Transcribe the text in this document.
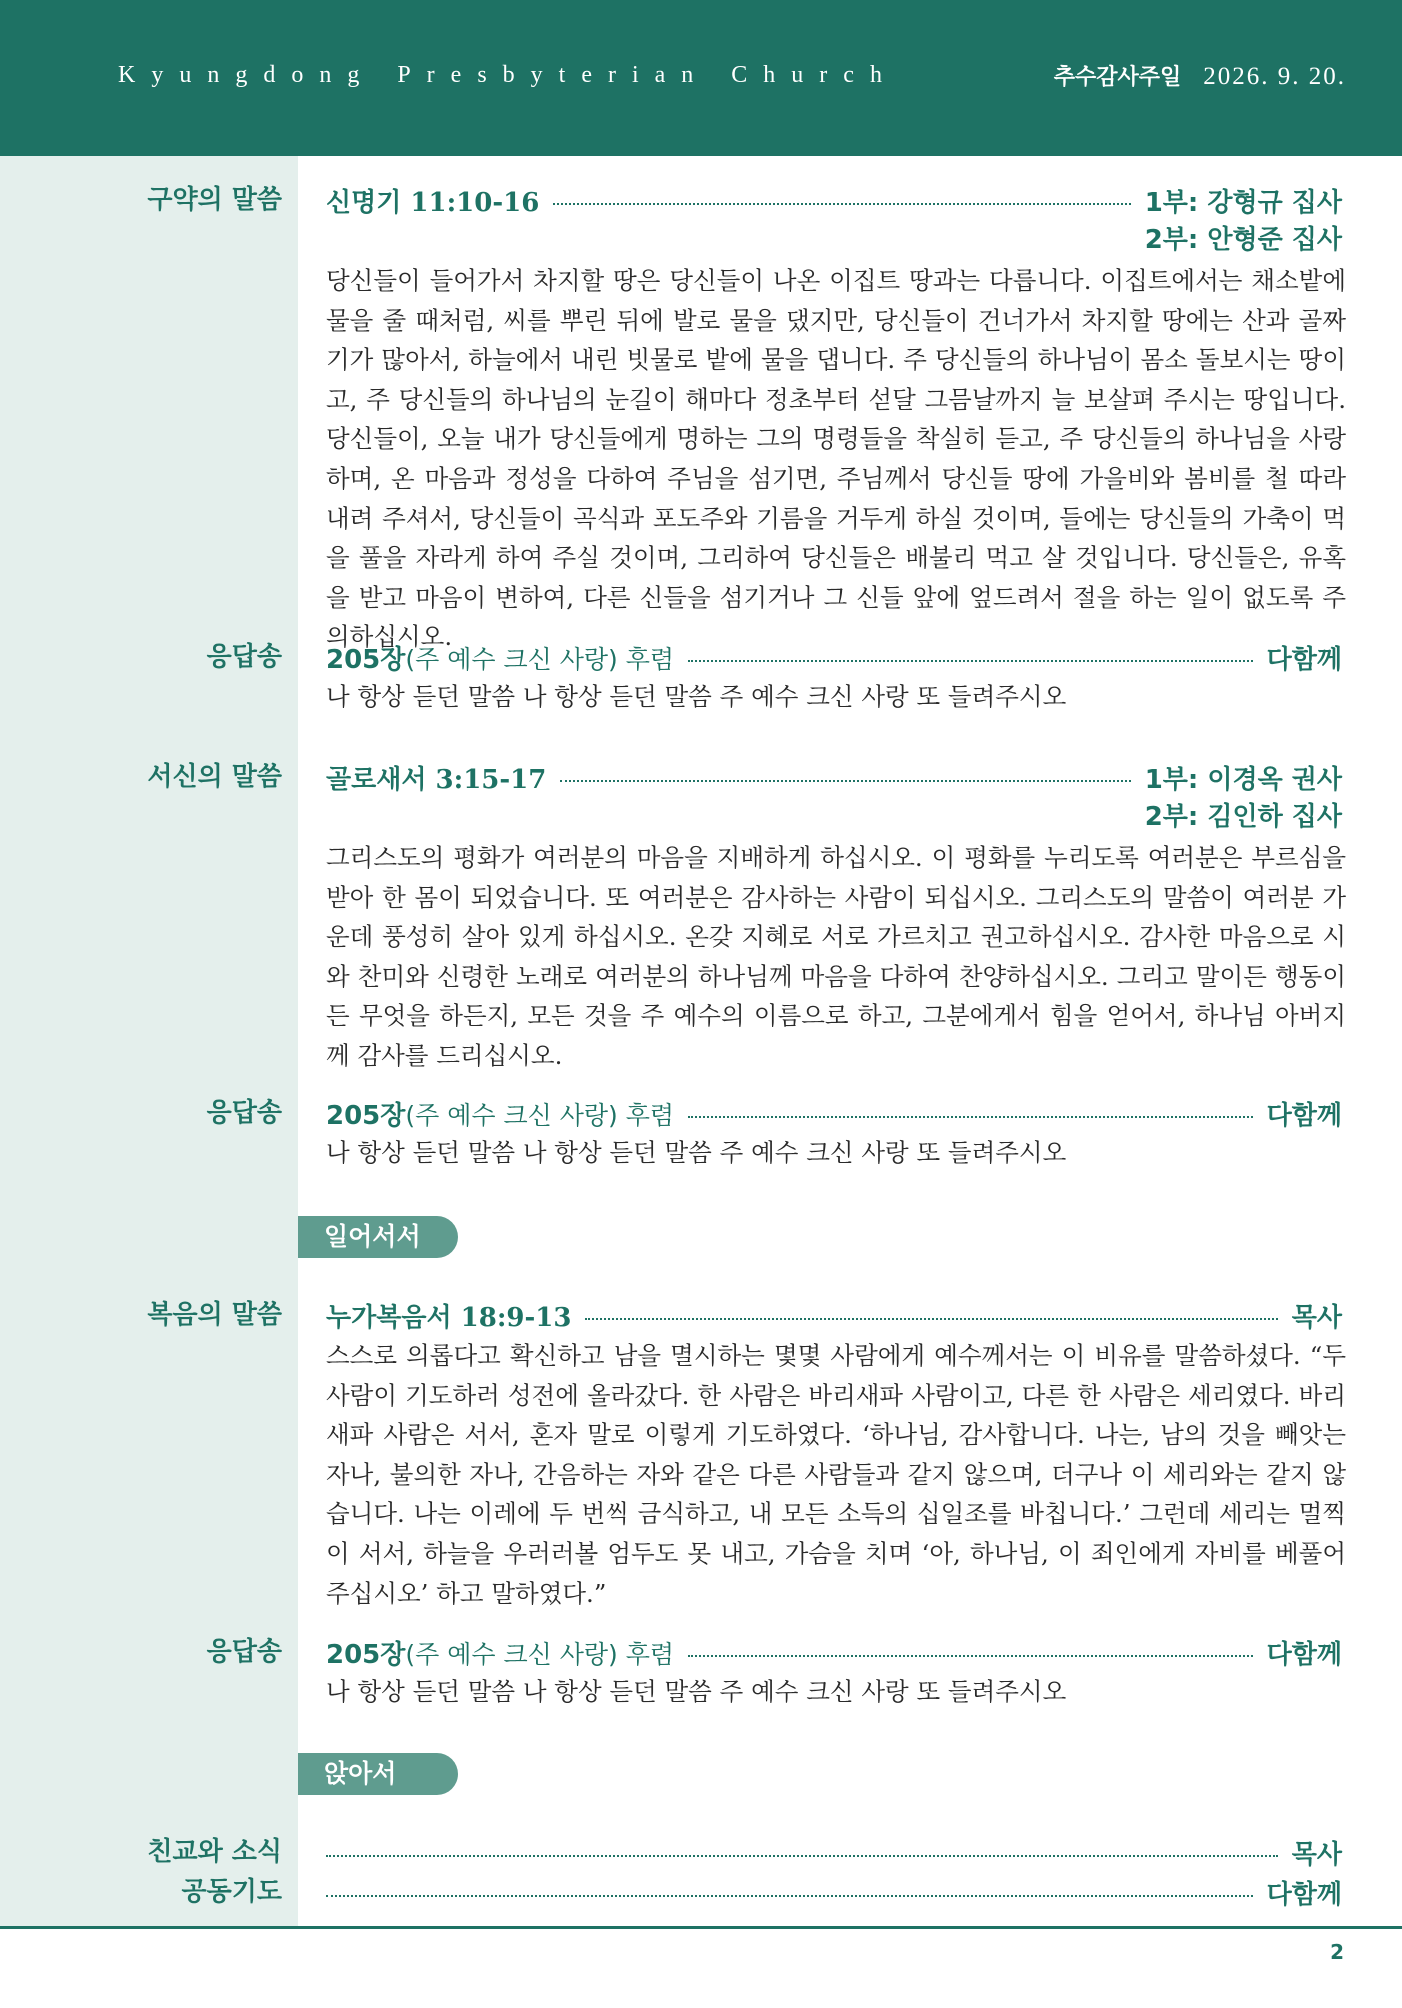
Kyungdong Presbyterian Church	추수감사주일 2026. 9. 20.
구약의 말씀 신명기 11:10-16	1부: 강형규 집사
2부: 안형준 집사
당신들이 들어가서 차지할 땅은 당신들이 나온 이집트 땅과는 다릅니다. 이집트에서는 채소밭에 물을 줄 때처럼, 씨를 뿌린 뒤에 발로 물을 댔지만, 당신들이 건너가서 차지할 땅에는 산과 골짜기가 많아서, 하늘에서 내린 빗물로 밭에 물을 댑니다. 주 당신들의 하나님이 몸소 돌보시는 땅이고, 주 당신들의 하나님의 눈길이 해마다 정초부터 섣달 그믐날까지 늘 보살펴 주시는 땅입니다. 당신들이, 오늘 내가 당신들에게 명하는 그의 명령들을 착실히 듣고, 주 당신들의 하나님을 사랑하며, 온 마음과 정성을 다하여 주님을 섬기면, 주님께서 당신들 땅에 가을비와 봄비를 철 따라 내려 주셔서, 당신들이 곡식과 포도주와 기름을 거두게 하실 것이며, 들에는 당신들의 가축이 먹을 풀을 자라게 하여 주실 것이며, 그리하여 당신들은 배불리 먹고 살 것입니다. 당신들은, 유혹을 받고 마음이 변하여, 다른 신들을 섬기거나 그 신들 앞에 엎드려서 절을 하는 일이 없도록 주의하십시오.
응답송 205장(주 예수 크신 사랑) 후렴	다함께
나 항상 듣던 말씀 나 항상 듣던 말씀 주 예수 크신 사랑 또 들려주시오
서신의 말씀 골로새서 3:15-17	1부: 이경옥 권사
2부: 김인하 집사
그리스도의 평화가 여러분의 마음을 지배하게 하십시오. 이 평화를 누리도록 여러분은 부르심을 받아 한 몸이 되었습니다. 또 여러분은 감사하는 사람이 되십시오. 그리스도의 말씀이 여러분 가운데 풍성히 살아 있게 하십시오. 온갖 지혜로 서로 가르치고 권고하십시오. 감사한 마음으로 시와 찬미와 신령한 노래로 여러분의 하나님께 마음을 다하여 찬양하십시오. 그리고 말이든 행동이든 무엇을 하든지, 모든 것을 주 예수의 이름으로 하고, 그분에게서 힘을 얻어서, 하나님 아버지께 감사를 드리십시오.
응답송 205장(주 예수 크신 사랑) 후렴	다함께
나 항상 듣던 말씀 나 항상 듣던 말씀 주 예수 크신 사랑 또 들려주시오
일어서서
복음의 말씀 누가복음서 18:9-13	목사
스스로 의롭다고 확신하고 남을 멸시하는 몇몇 사람에게 예수께서는 이 비유를 말씀하셨다. “두 사람이 기도하러 성전에 올라갔다. 한 사람은 바리새파 사람이고, 다른 한 사람은 세리였다. 바리새파 사람은 서서, 혼자 말로 이렇게 기도하였다. ‘하나님, 감사합니다. 나는, 남의 것을 빼앗는 자나, 불의한 자나, 간음하는 자와 같은 다른 사람들과 같지 않으며, 더구나 이 세리와는 같지 않습니다. 나는 이레에 두 번씩 금식하고, 내 모든 소득의 십일조를 바칩니다.’ 그런데 세리는 멀찍이 서서, 하늘을 우러러볼 엄두도 못 내고, 가슴을 치며 ‘아, 하나님, 이 죄인에게 자비를 베풀어 주십시오’ 하고 말하였다.”
응답송 205장(주 예수 크신 사랑) 후렴	다함께
나 항상 듣던 말씀 나 항상 듣던 말씀 주 예수 크신 사랑 또 들려주시오
앉아서
친교와 소식	목사
공동기도	다함께
2
